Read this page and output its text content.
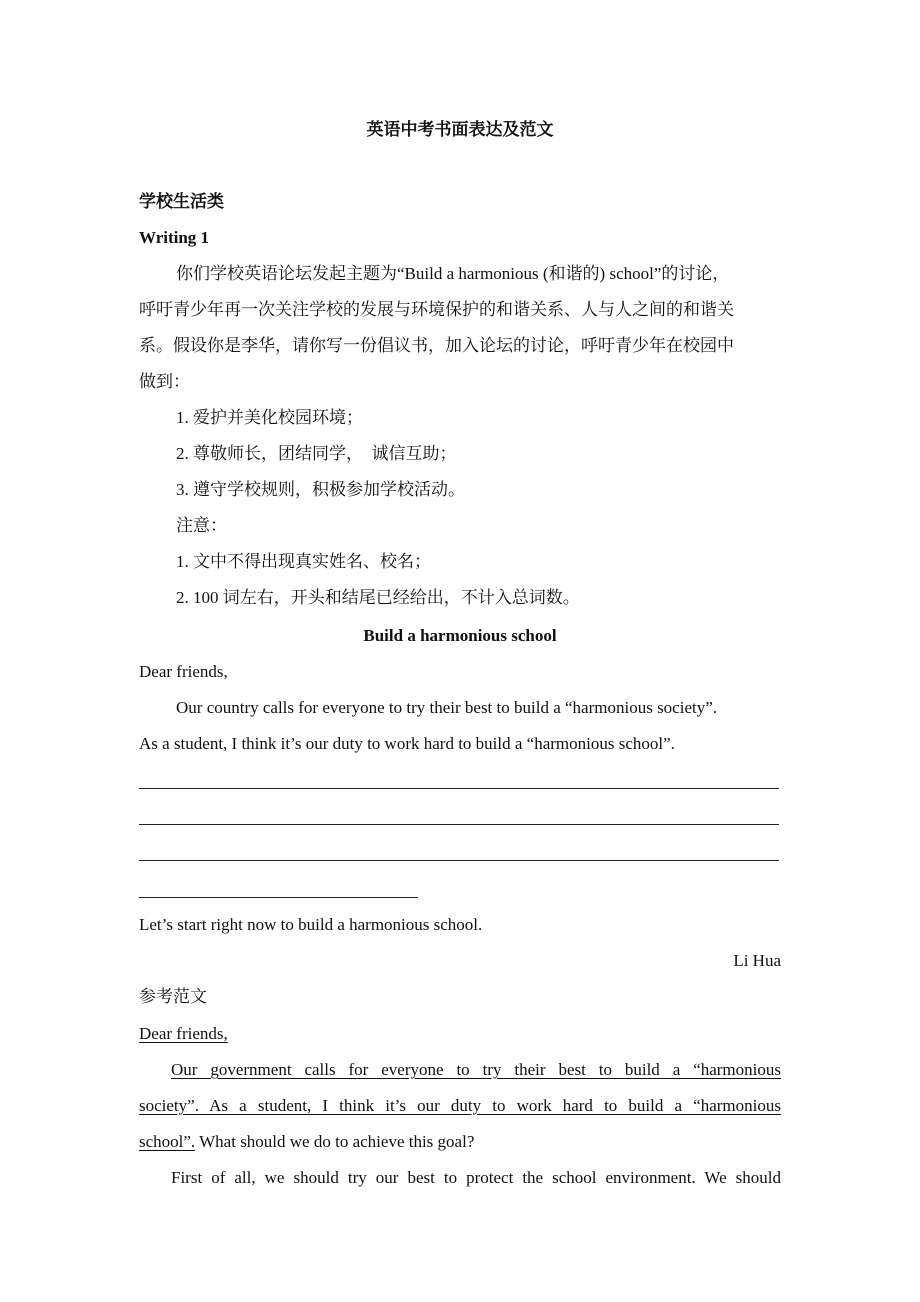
英语中考书面表达及范文
学校生活类
Writing 1
你们学校英语论坛发起主题为“Build a harmonious (和谐的) school”的讨论，
呼吁青少年再一次关注学校的发展与环境保护的和谐关系、人与人之间的和谐关
系。假设你是李华，请你写一份倡议书，加入论坛的讨论，呼吁青少年在校园中
做到：
1. 爱护并美化校园环境；
2. 尊敬师长，团结同学，  诚信互助；
3. 遵守学校规则，积极参加学校活动。
注意：
1. 文中不得出现真实姓名、校名；
2. 100 词左右，开头和结尾已经给出，不计入总词数。
Build a harmonious school
Dear friends,
Our country calls for everyone to try their best to build a “harmonious society”.
As a student, I think it’s our duty to work hard to build a “harmonious school”.
Let’s start right now to build a harmonious school.
Li Hua
参考范文
Dear friends,
Our government calls for everyone to try their best to build a “harmonious
society”. As a student, I think it’s our duty to work hard to build a “harmonious
school”. What should we do to achieve this goal?
First of all, we should try our best to protect the school environment. We should
